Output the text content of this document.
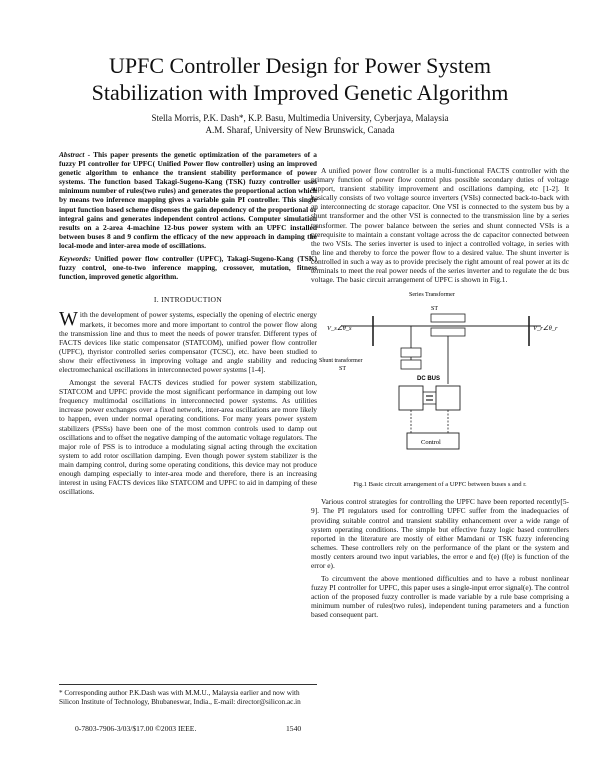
UPFC Controller Design for Power System
Stabilization with Improved Genetic Algorithm
Stella Morris, P.K. Dash*, K.P. Basu, Multimedia University, Cyberjaya, Malaysia
A.M. Sharaf, University of New Brunswick, Canada

Abstract - This paper presents the genetic optimization of the parameters of a fuzzy PI controller for UPFC( Unified Power flow controller) using an improved genetic algorithm to enhance the transient stability performance of power systems. The function based Takagi-Sugeno-Kang (TSK) fuzzy controller uses minimum number of rules(two rules) and generates the proportional action which by means two inference mapping gives a variable gain PI controller. This single input function based scheme dispenses the gain dependency of the proportional or integral gains and generates independent control actions. Computer simulation results on a 2-area 4-machine 12-bus power system with an UPFC installed between buses 8 and 9 confirm the efficacy of the new approach in damping the local-mode and inter-area mode of oscillations.

Keywords: Unified power flow controller (UPFC), Takagi-Sugeno-Kang (TSK) fuzzy control, one-to-two inference mapping, crossover, mutation, fitness function, improved genetic algorithm.

I. INTRODUCTION

With the development of power systems, especially the opening of electric energy markets, it becomes more and more important to control the power flow along the transmission line and thus to meet the needs of power transfer. Different types of FACTS devices like static compensator (STATCOM), unified power flow controller (UPFC), thyristor controlled series compensator (TCSC), etc. have been studied to show their effectiveness in improving voltage and angle stability and reducing electromechanical oscillations in interconnected power systems [1-4].

Amongst the several FACTS devices studied for power system stabilization, STATCOM and UPFC provide the most significant performance in damping out low frequency multimodal oscillations in interconnected power systems. As utilities increase power exchanges over a fixed network, inter-area oscillations are more likely to happen, even under normal operating conditions. For many years power system stabilizers (PSSs) have been one of the most common controls used to damp out oscillations and to offset the negative damping of the automatic voltage regulators. The major role of PSS is to introduce a modulating signal acting through the excitation system to add rotor oscillation damping. Even though power system stabilizer is the main damping control, during some operating conditions, this device may not produce enough damping especially to inter-area mode and therefore, there is an increasing interest in using FACTS devices like STATCOM and UPFC to aid in damping of these oscillations.

* Corresponding author P.K.Dash was with M.M.U., Malaysia earlier and now with Silicon Institute of Technology, Bhubaneswar, India., E-mail: director@silicon.ac.in
0-7803-7906-3/03/$17.00 ©2003 IEEE.	1540

A unified power flow controller is a multi-functional FACTS controller with the primary function of power flow control plus possible secondary duties of voltage support, transient stability improvement and oscillations damping, etc [1-2]. It basically consists of two voltage source inverters (VSIs) connected back-to-back with an interconnecting dc storage capacitor. One VSI is connected to the system bus by a shunt transformer and the other VSI is connected to the transmission line by a series transformer. The power balance between the series and shunt connected VSIs is a prerequisite to maintain a constant voltage across the dc capacitor connected between the two VSIs. The series inverter is used to inject a controlled voltage, in series with the line and thereby to force the power flow to a desired value. The shunt inverter is controlled in such a way as to provide precisely the right amount of real power at its dc terminals to meet the real power needs of the series inverter and to regulate the dc bus voltage. The basic circuit arrangement of UPFC is shown in Fig.1.

Series Transformer
ST
V_s∠θ_s	V_r∠θ_r
Shunt transformer
ST
DC BUS
Control
Fig.1 Basic circuit arrangement of a UPFC between buses s and r.

Various control strategies for controlling the UPFC have been reported recently[5-9]. The PI regulators used for controlling UPFC suffer from the inadequacies of providing suitable control and transient stability enhancement over a wide range of system operating conditions. The simple but effective fuzzy logic based controllers reported in the literature are mostly of either Mamdani or TSK fuzzy inferencing schemes. These controllers rely on the performance of the plant or the system and mostly centers around two input variables, the error e and f(e) (f(e) is function of the error e).

To circumvent the above mentioned difficulties and to have a robust nonlinear fuzzy PI controller for UPFC, this paper uses a single-input error signal(e). The control action of the proposed fuzzy controller is made variable by a rule base comprising a minimum number of rules(two rules), independent tuning parameters and a function based consequent part.
